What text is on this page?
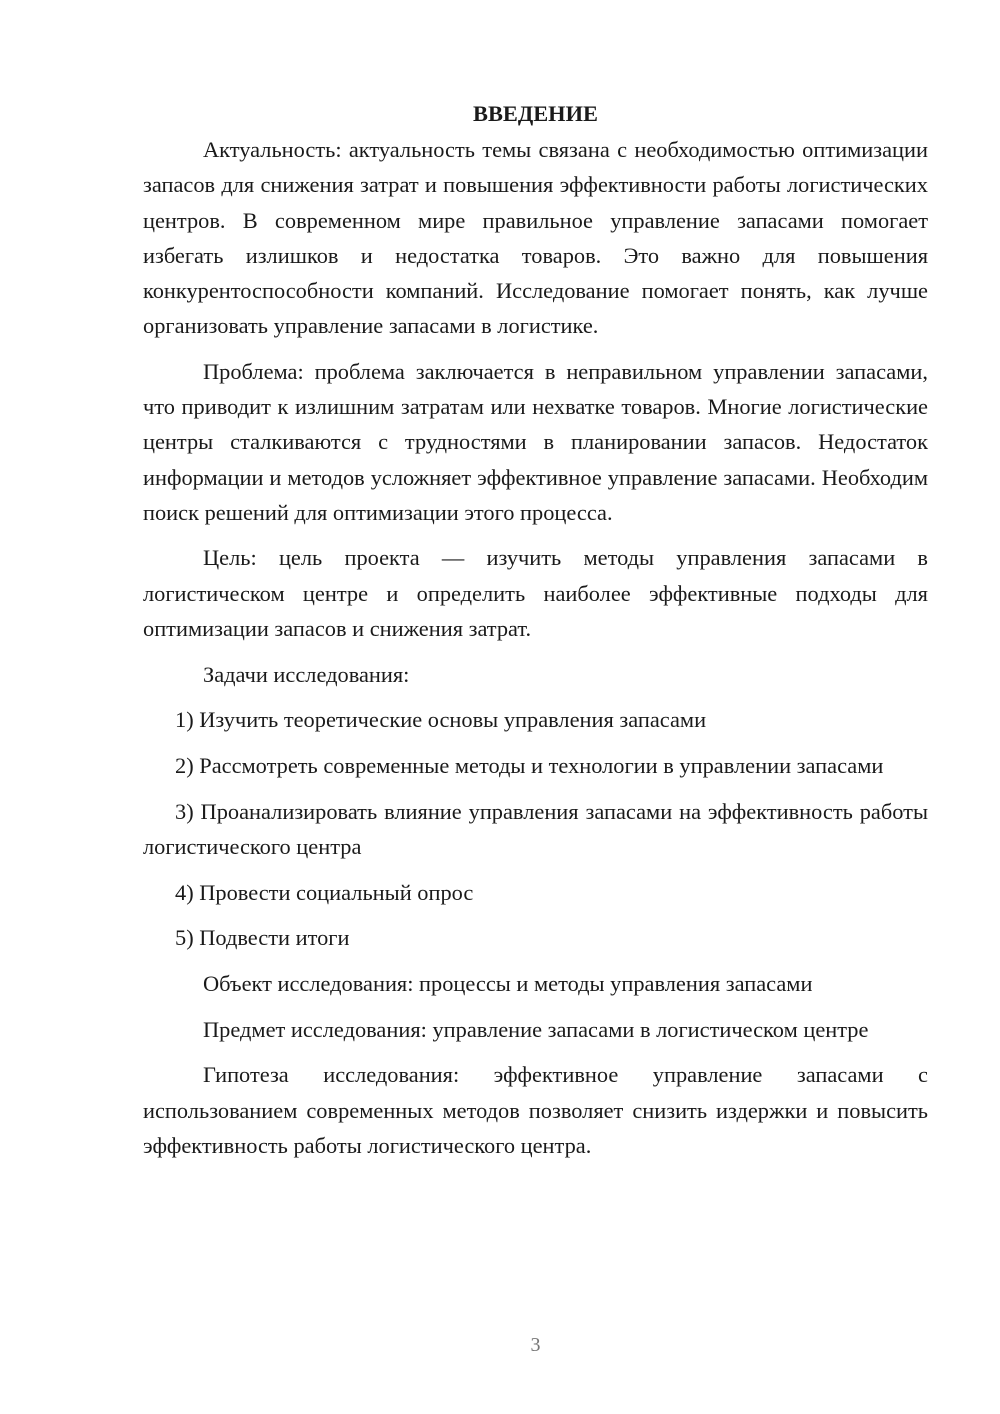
ВВЕДЕНИЕ

Актуальность: актуальность темы связана с необходимостью оптимизации запасов для снижения затрат и повышения эффективности работы логистических центров. В современном мире правильное управление запасами помогает избегать излишков и недостатка товаров. Это важно для повышения конкурентоспособности компаний. Исследование помогает понять, как лучше организовать управление запасами в логистике.

Проблема: проблема заключается в неправильном управлении запасами, что приводит к излишним затратам или нехватке товаров. Многие логистические центры сталкиваются с трудностями в планировании запасов. Недостаток информации и методов усложняет эффективное управление запасами. Необходим поиск решений для оптимизации этого процесса.

Цель: цель проекта — изучить методы управления запасами в логистическом центре и определить наиболее эффективные подходы для оптимизации запасов и снижения затрат.

Задачи исследования:

1) Изучить теоретические основы управления запасами

2) Рассмотреть современные методы и технологии в управлении запасами

3) Проанализировать влияние управления запасами на эффективность работы логистического центра

4) Провести социальный опрос

5) Подвести итоги

Объект исследования: процессы и методы управления запасами

Предмет исследования: управление запасами в логистическом центре

Гипотеза исследования: эффективное управление запасами с использованием современных методов позволяет снизить издержки и повысить эффективность работы логистического центра.

3
